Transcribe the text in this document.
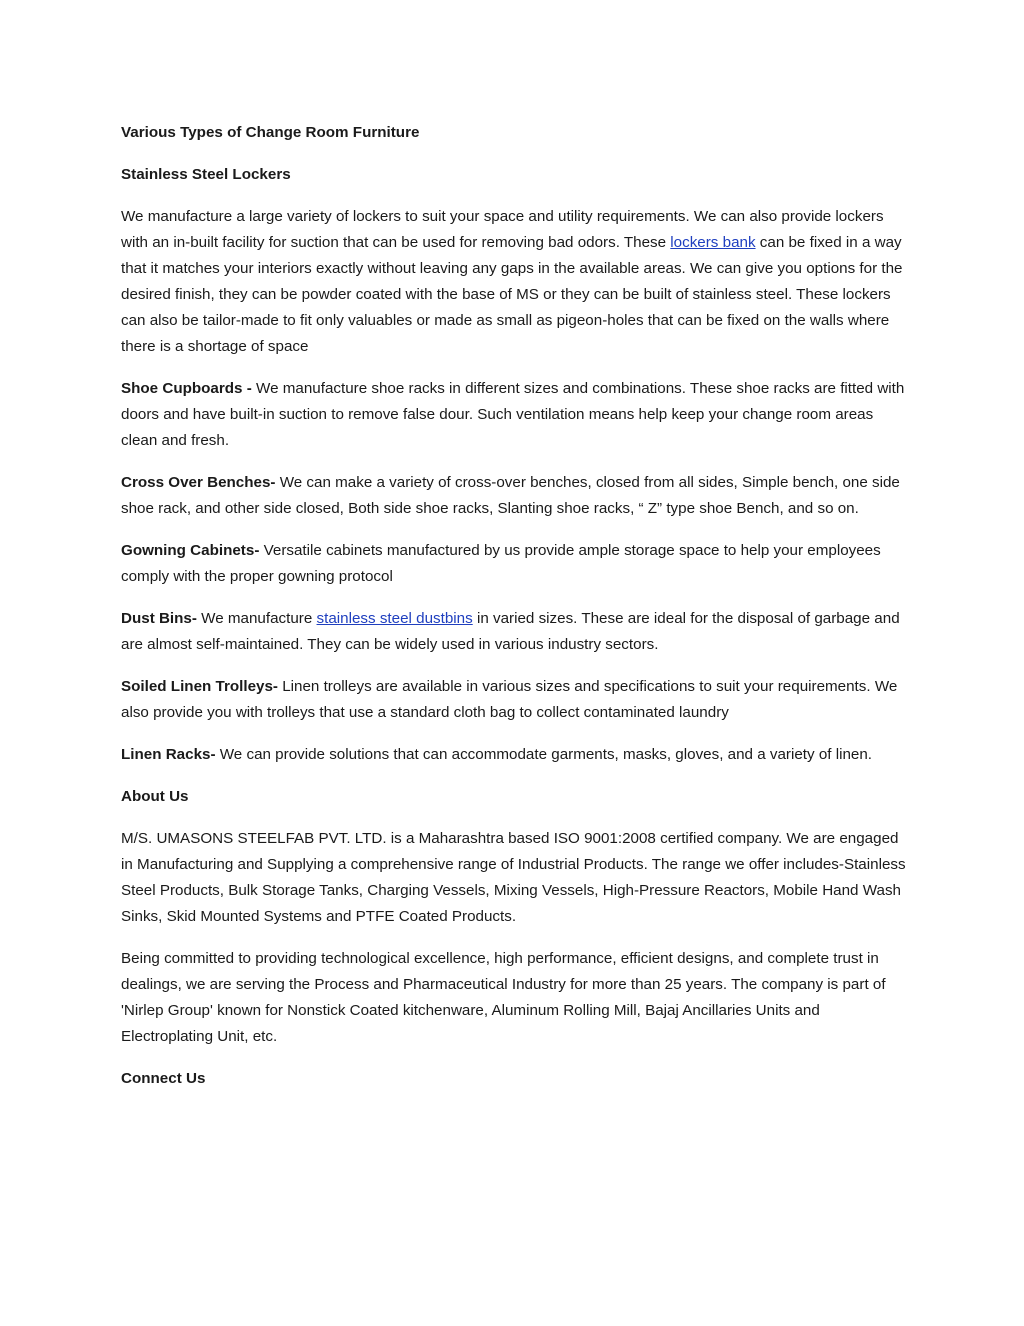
Various Types of Change Room Furniture

Stainless Steel Lockers

We manufacture a large variety of lockers to suit your space and utility requirements. We can also provide lockers with an in-built facility for suction that can be used for removing bad odors. These lockers bank can be fixed in a way that it matches your interiors exactly without leaving any gaps in the available areas. We can give you options for the desired finish, they can be powder coated with the base of MS or they can be built of stainless steel. These lockers can also be tailor-made to fit only valuables or made as small as pigeon-holes that can be fixed on the walls where there is a shortage of space

Shoe Cupboards - We manufacture shoe racks in different sizes and combinations. These shoe racks are fitted with doors and have built-in suction to remove false dour. Such ventilation means help keep your change room areas clean and fresh.

Cross Over Benches- We can make a variety of cross-over benches, closed from all sides, Simple bench, one side shoe rack, and other side closed, Both side shoe racks, Slanting shoe racks, “ Z” type shoe Bench, and so on.

Gowning Cabinets- Versatile cabinets manufactured by us provide ample storage space to help your employees comply with the proper gowning protocol

Dust Bins- We manufacture stainless steel dustbins in varied sizes. These are ideal for the disposal of garbage and are almost self-maintained. They can be widely used in various industry sectors.

Soiled Linen Trolleys- Linen trolleys are available in various sizes and specifications to suit your requirements. We also provide you with trolleys that use a standard cloth bag to collect contaminated laundry

Linen Racks- We can provide solutions that can accommodate garments, masks, gloves, and a variety of linen.

About Us

M/S. UMASONS STEELFAB PVT. LTD. is a Maharashtra based ISO 9001:2008 certified company. We are engaged in Manufacturing and Supplying a comprehensive range of Industrial Products. The range we offer includes-Stainless Steel Products, Bulk Storage Tanks, Charging Vessels, Mixing Vessels, High-Pressure Reactors, Mobile Hand Wash Sinks, Skid Mounted Systems and PTFE Coated Products.

Being committed to providing technological excellence, high performance, efficient designs, and complete trust in dealings, we are serving the Process and Pharmaceutical Industry for more than 25 years. The company is part of 'Nirlep Group' known for Nonstick Coated kitchenware, Aluminum Rolling Mill, Bajaj Ancillaries Units and Electroplating Unit, etc.

Connect Us
